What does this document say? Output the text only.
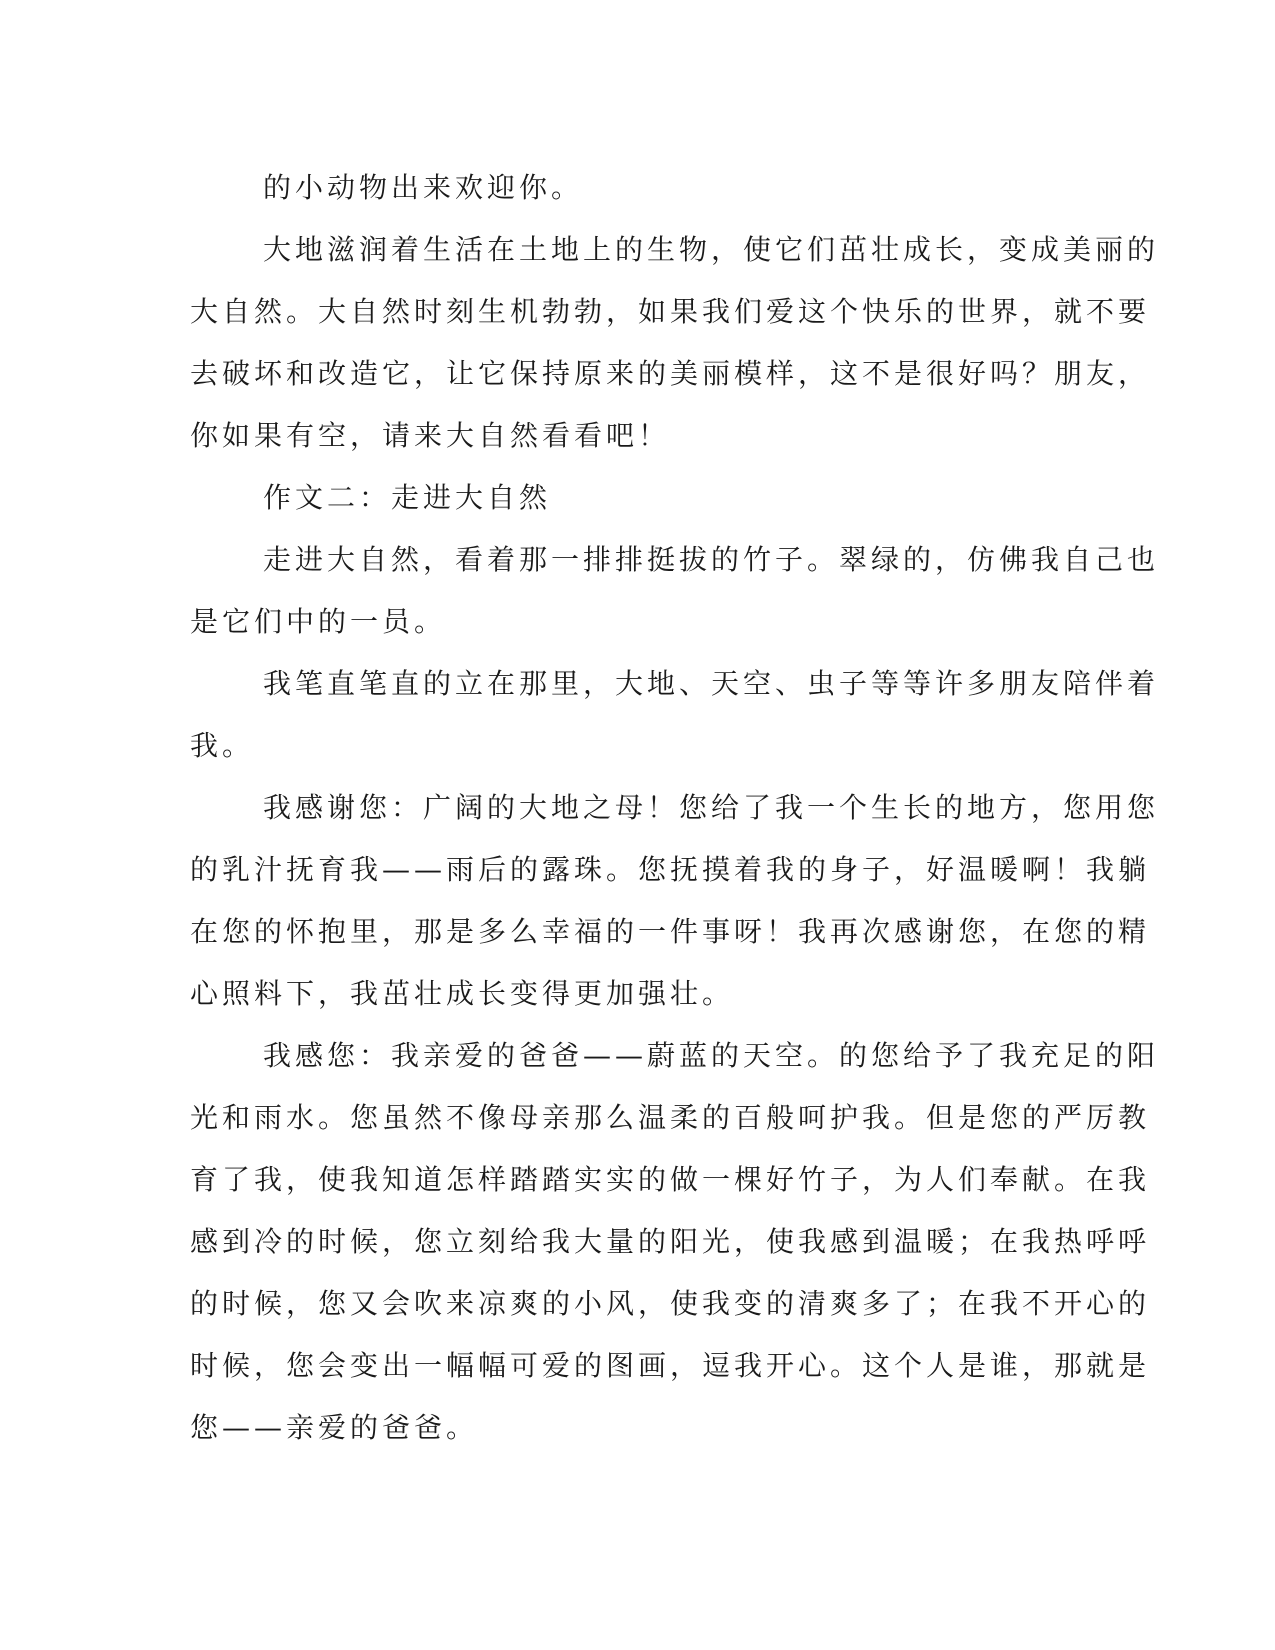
的小动物出来欢迎你。
大地滋润着生活在土地上的生物，使它们茁壮成长，变成美丽的
大自然。大自然时刻生机勃勃，如果我们爱这个快乐的世界，就不要
去破坏和改造它，让它保持原来的美丽模样，这不是很好吗？朋友，
你如果有空，请来大自然看看吧！
作文二：走进大自然
走进大自然，看着那一排排挺拔的竹子。翠绿的，仿佛我自己也
是它们中的一员。
我笔直笔直的立在那里，大地、天空、虫子等等许多朋友陪伴着
我。
我感谢您：广阔的大地之母！您给了我一个生长的地方，您用您
的乳汁抚育我——雨后的露珠。您抚摸着我的身子，好温暖啊！我躺
在您的怀抱里，那是多么幸福的一件事呀！我再次感谢您，在您的精
心照料下，我茁壮成长变得更加强壮。
我感您：我亲爱的爸爸——蔚蓝的天空。的您给予了我充足的阳
光和雨水。您虽然不像母亲那么温柔的百般呵护我。但是您的严厉教
育了我，使我知道怎样踏踏实实的做一棵好竹子，为人们奉献。在我
感到冷的时候，您立刻给我大量的阳光，使我感到温暖；在我热呼呼
的时候，您又会吹来凉爽的小风，使我变的清爽多了；在我不开心的
时候，您会变出一幅幅可爱的图画，逗我开心。这个人是谁，那就是
您——亲爱的爸爸。
